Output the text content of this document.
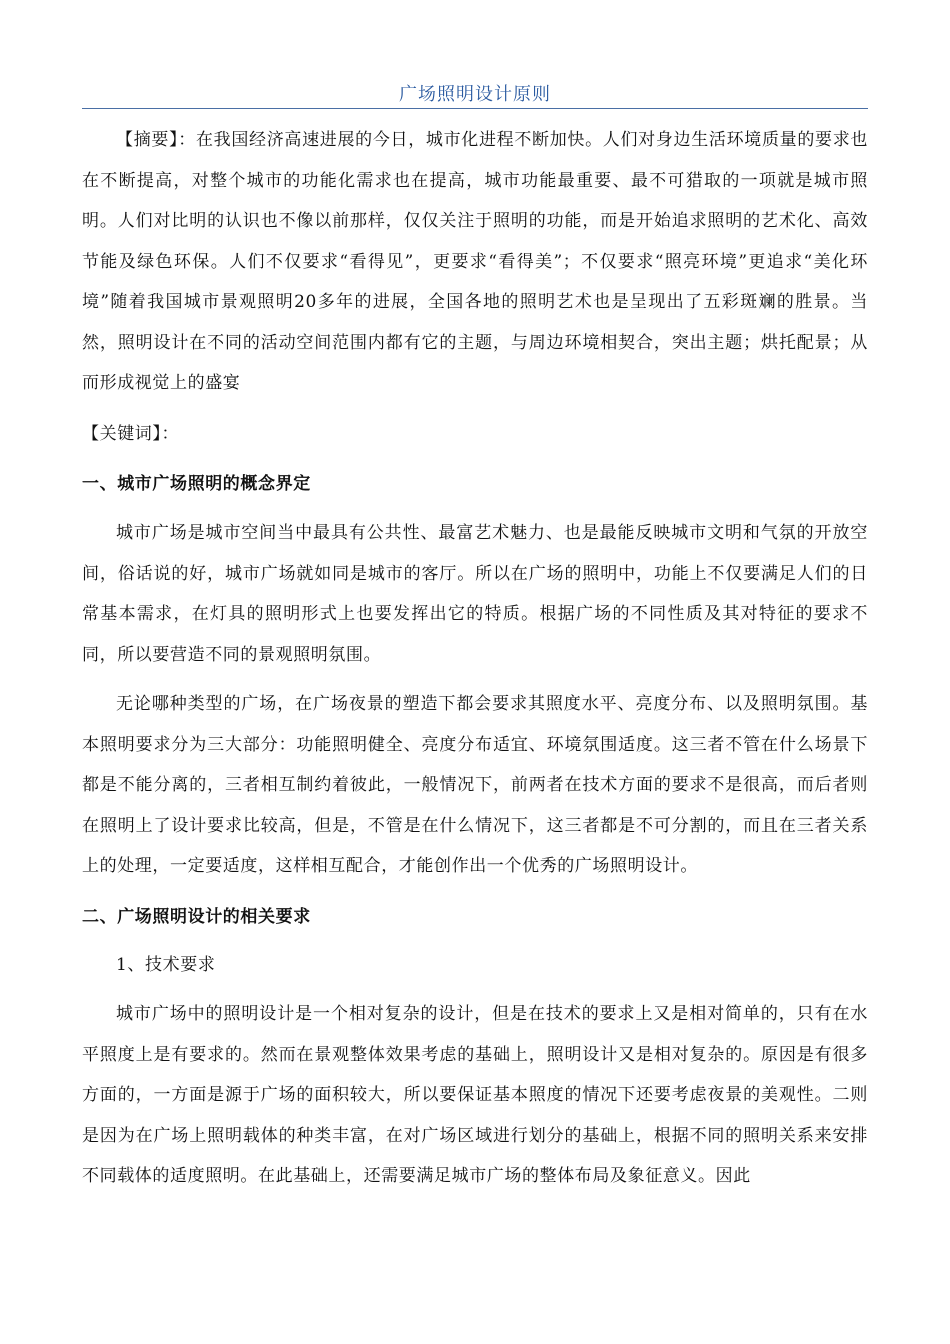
广场照明设计原则

【摘要】：在我国经济高速进展的今日，城市化进程不断加快。人们对身边生活环境质量的要求也在不断提高，对整个城市的功能化需求也在提高，城市功能最重要、最不可猎取的一项就是城市照明。人们对比明的认识也不像以前那样，仅仅关注于照明的功能，而是开始追求照明的艺术化、高效节能及绿色环保。人们不仅要求“看得见”，更要求“看得美”；不仅要求“照亮环境”更追求“美化环境”随着我国城市景观照明20多年的进展，全国各地的照明艺术也是呈现出了五彩斑斓的胜景。当然，照明设计在不同的活动空间范围内都有它的主题，与周边环境相契合，突出主题；烘托配景；从而形成视觉上的盛宴

【关键词】：

一、城市广场照明的概念界定

城市广场是城市空间当中最具有公共性、最富艺术魅力、也是最能反映城市文明和气氛的开放空间，俗话说的好，城市广场就如同是城市的客厅。所以在广场的照明中，功能上不仅要满足人们的日常基本需求，在灯具的照明形式上也要发挥出它的特质。根据广场的不同性质及其对特征的要求不同，所以要营造不同的景观照明氛围。

无论哪种类型的广场，在广场夜景的塑造下都会要求其照度水平、亮度分布、以及照明氛围。基本照明要求分为三大部分：功能照明健全、亮度分布适宜、环境氛围适度。这三者不管在什么场景下都是不能分离的，三者相互制约着彼此，一般情况下，前两者在技术方面的要求不是很高，而后者则在照明上了设计要求比较高，但是，不管是在什么情况下，这三者都是不可分割的，而且在三者关系上的处理，一定要适度，这样相互配合，才能创作出一个优秀的广场照明设计。

二、广场照明设计的相关要求

1、技术要求

城市广场中的照明设计是一个相对复杂的设计，但是在技术的要求上又是相对简单的，只有在水平照度上是有要求的。然而在景观整体效果考虑的基础上，照明设计又是相对复杂的。原因是有很多方面的，一方面是源于广场的面积较大，所以要保证基本照度的情况下还要考虑夜景的美观性。二则是因为在广场上照明载体的种类丰富，在对广场区域进行划分的基础上，根据不同的照明关系来安排不同载体的适度照明。在此基础上，还需要满足城市广场的整体布局及象征意义。因此
